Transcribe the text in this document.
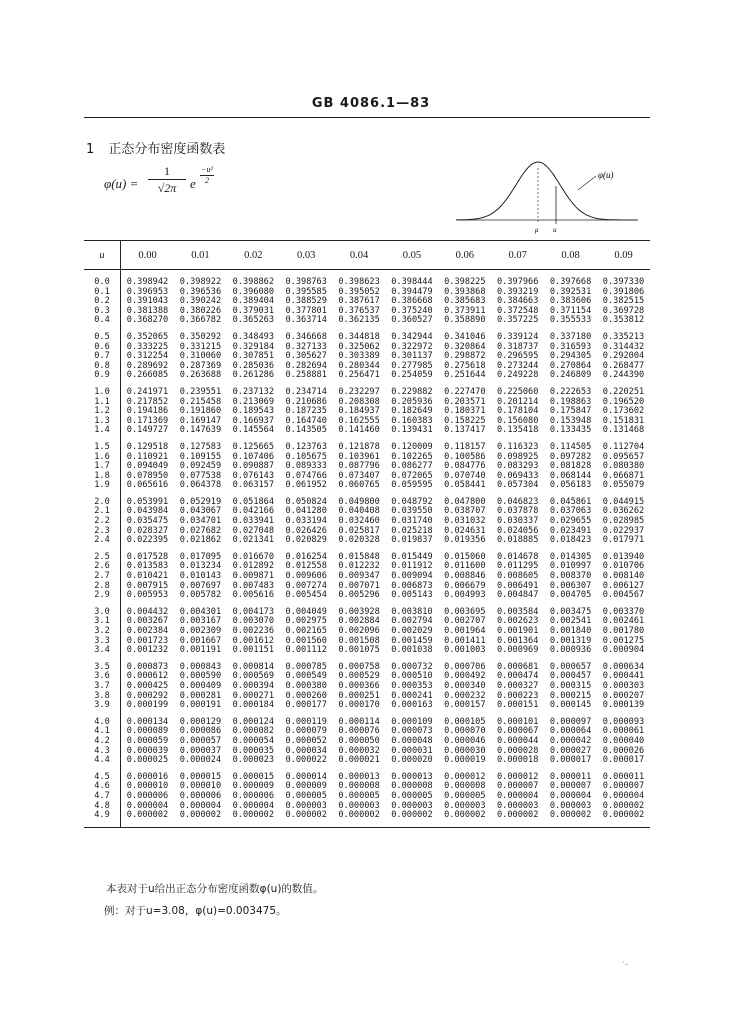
GB 4086.1—83
1 正态分布密度函数表
φ(u) =
1
√2π	e
−u²
2
φ(u)
μ u
u	0.00	0.01	0.02	0.03	0.04	0.05	0.06	0.07	0.08	0.09
0.0	0.398942	0.398922	0.398862	0.398763	0.398623	0.398444	0.398225	0.397966	0.397668	0.397330
0.1	0.396953	0.396536	0.396080	0.395585	0.395052	0.394479	0.393868	0.393219	0.392531	0.391806
0.2	0.391043	0.390242	0.389404	0.388529	0.387617	0.386668	0.385683	0.384663	0.383606	0.382515
0.3	0.381388	0.380226	0.379031	0.377801	0.376537	0.375240	0.373911	0.372548	0.371154	0.369728
0.4	0.368270	0.366782	0.365263	0.363714	0.362135	0.360527	0.358890	0.357225	0.355533	0.353812

0.5	0.352065	0.350292	0.348493	0.346668	0.344818	0.342944	0.341046	0.339124	0.337180	0.335213
0.6	0.333225	0.331215	0.329184	0.327133	0.325062	0.322972	0.320864	0.318737	0.316593	0.314432
0.7	0.312254	0.310060	0.307851	0.305627	0.303389	0.301137	0.298872	0.296595	0.294305	0.292004
0.8	0.289692	0.287369	0.285036	0.282694	0.280344	0.277985	0.275618	0.273244	0.270864	0.268477
0.9	0.266085	0.263688	0.261286	0.258881	0.256471	0.254059	0.251644	0.249228	0.246809	0.244390

1.0	0.241971	0.239551	0.237132	0.234714	0.232297	0.229882	0.227470	0.225060	0.222653	0.220251
1.1	0.217852	0.215458	0.213069	0.210686	0.208308	0.205936	0.203571	0.201214	0.198863	0.196520
1.2	0.194186	0.191860	0.189543	0.187235	0.184937	0.182649	0.180371	0.178104	0.175847	0.173602
1.3	0.171369	0.169147	0.166937	0.164740	0.162555	0.160383	0.158225	0.156080	0.153948	0.151831
1.4	0.149727	0.147639	0.145564	0.143505	0.141460	0.139431	0.137417	0.135418	0.133435	0.131468

1.5	0.129518	0.127583	0.125665	0.123763	0.121878	0.120009	0.118157	0.116323	0.114505	0.112704
1.6	0.110921	0.109155	0.107406	0.105675	0.103961	0.102265	0.100586	0.098925	0.097282	0.095657
1.7	0.094049	0.092459	0.090887	0.089333	0.087796	0.086277	0.084776	0.083293	0.081828	0.080380
1.8	0.078950	0.077538	0.076143	0.074766	0.073407	0.072065	0.070740	0.069433	0.068144	0.066871
1.9	0.065616	0.064378	0.063157	0.061952	0.060765	0.059595	0.058441	0.057304	0.056183	0.055079

2.0	0.053991	0.052919	0.051864	0.050824	0.049800	0.048792	0.047800	0.046823	0.045861	0.044915
2.1	0.043984	0.043067	0.042166	0.041280	0.040408	0.039550	0.038707	0.037878	0.037063	0.036262
2.2	0.035475	0.034701	0.033941	0.033194	0.032460	0.031740	0.031032	0.030337	0.029655	0.028985
2.3	0.028327	0.027682	0.027048	0.026426	0.025817	0.025218	0.024631	0.024056	0.023491	0.022937
2.4	0.022395	0.021862	0.021341	0.020829	0.020328	0.019837	0.019356	0.018885	0.018423	0.017971

2.5	0.017528	0.017095	0.016670	0.016254	0.015848	0.015449	0.015060	0.014678	0.014305	0.013940
2.6	0.013583	0.013234	0.012892	0.012558	0.012232	0.011912	0.011600	0.011295	0.010997	0.010706
2.7	0.010421	0.010143	0.009871	0.009606	0.009347	0.009094	0.008846	0.008605	0.008370	0.008140
2.8	0.007915	0.007697	0.007483	0.007274	0.007071	0.006873	0.006679	0.006491	0.006307	0.006127
2.9	0.005953	0.005782	0.005616	0.005454	0.005296	0.005143	0.004993	0.004847	0.004705	0.004567

3.0	0.004432	0.004301	0.004173	0.004049	0.003928	0.003810	0.003695	0.003584	0.003475	0.003370
3.1	0.003267	0.003167	0.003070	0.002975	0.002884	0.002794	0.002707	0.002623	0.002541	0.002461
3.2	0.002384	0.002309	0.002236	0.002165	0.002096	0.002029	0.001964	0.001901	0.001840	0.001780
3.3	0.001723	0.001667	0.001612	0.001560	0.001508	0.001459	0.001411	0.001364	0.001319	0.001275
3.4	0.001232	0.001191	0.001151	0.001112	0.001075	0.001038	0.001003	0.000969	0.000936	0.000904

3.5	0.000873	0.000843	0.000814	0.000785	0.000758	0.000732	0.000706	0.000681	0.000657	0.000634
3.6	0.000612	0.000590	0.000569	0.000549	0.000529	0.000510	0.000492	0.000474	0.000457	0.000441
3.7	0.000425	0.000409	0.000394	0.000380	0.000366	0.000353	0.000340	0.000327	0.000315	0.000303
3.8	0.000292	0.000281	0.000271	0.000260	0.000251	0.000241	0.000232	0.000223	0.000215	0.000207
3.9	0.000199	0.000191	0.000184	0.000177	0.000170	0.000163	0.000157	0.000151	0.000145	0.000139

4.0	0.000134	0.000129	0.000124	0.000119	0.000114	0.000109	0.000105	0.000101	0.000097	0.000093
4.1	0.000089	0.000086	0.000082	0.000079	0.000076	0.000073	0.000070	0.000067	0.000064	0.000061
4.2	0.000059	0.000057	0.000054	0.000052	0.000050	0.000048	0.000046	0.000044	0.000042	0.000040
4.3	0.000039	0.000037	0.000035	0.000034	0.000032	0.000031	0.000030	0.000028	0.000027	0.000026
4.4	0.000025	0.000024	0.000023	0.000022	0.000021	0.000020	0.000019	0.000018	0.000017	0.000017

4.5	0.000016	0.000015	0.000015	0.000014	0.000013	0.000013	0.000012	0.000012	0.000011	0.000011
4.6	0.000010	0.000010	0.000009	0.000009	0.000008	0.000008	0.000008	0.000007	0.000007	0.000007
4.7	0.000006	0.000006	0.000006	0.000005	0.000005	0.000005	0.000005	0.000004	0.000004	0.000004
4.8	0.000004	0.000004	0.000004	0.000003	0.000003	0.000003	0.000003	0.000003	0.000003	0.000002
4.9	0.000002	0.000002	0.000002	0.000002	0.000002	0.000002	0.000002	0.000002	0.000002	0.000002
本表对于u给出正态分布密度函数φ(u)的数值。
例：对于u=3.08，φ(u)=0.003475。
·..
